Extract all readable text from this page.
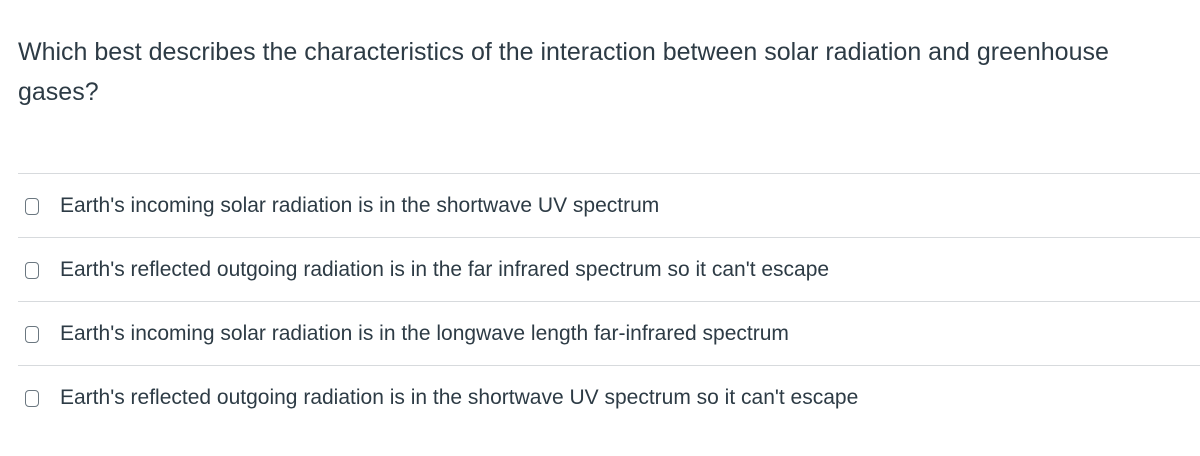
Which best describes the characteristics of the interaction between solar radiation and greenhouse gases?

Earth's incoming solar radiation is in the shortwave UV spectrum
Earth's reflected outgoing radiation is in the far infrared spectrum so it can't escape
Earth's incoming solar radiation is in the longwave length far-infrared spectrum
Earth's reflected outgoing radiation is in the shortwave UV spectrum so it can't escape
